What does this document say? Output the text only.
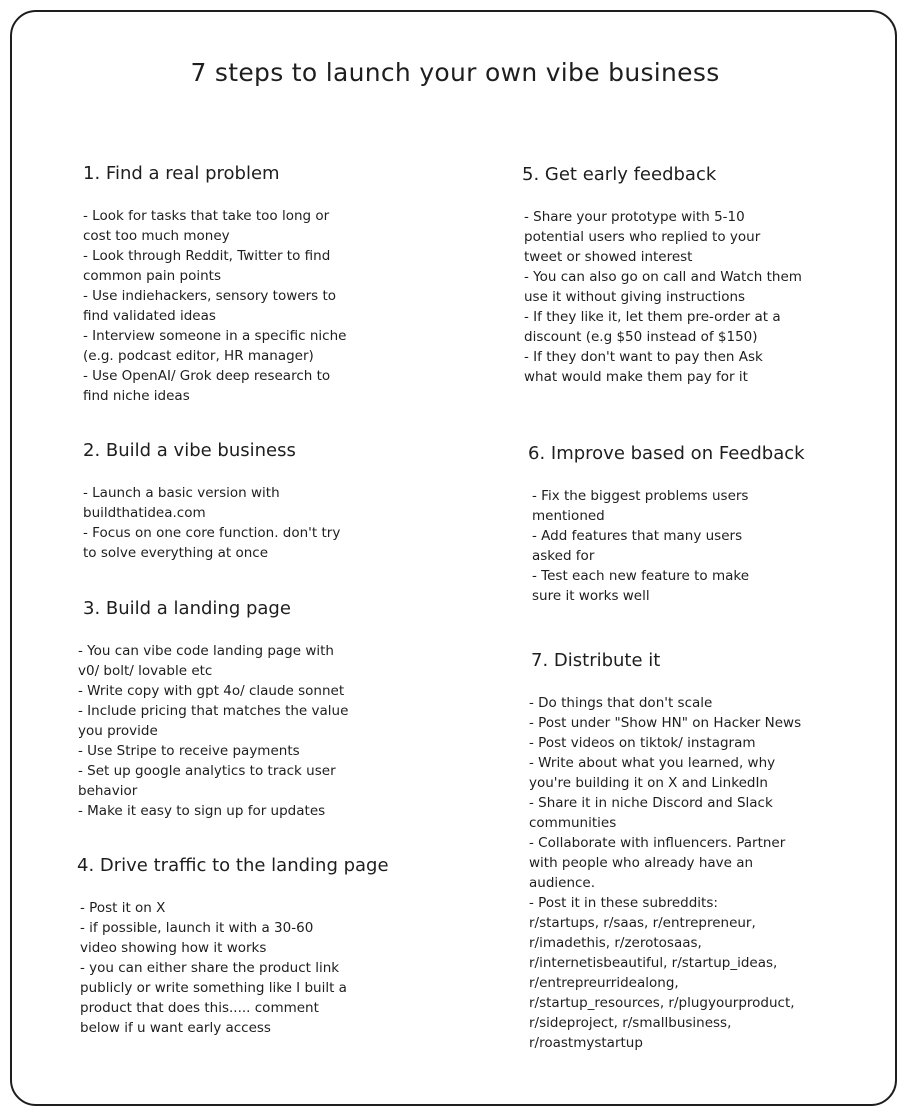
7 steps to launch your own vibe business
1. Find a real problem
- Look for tasks that take too long or
cost too much money
- Look through Reddit, Twitter to find
common pain points
- Use indiehackers, sensory towers to
find validated ideas
- Interview someone in a specific niche
(e.g. podcast editor, HR manager)
- Use OpenAI/ Grok deep research to
find niche ideas
2. Build a vibe business
- Launch a basic version with
buildthatidea.com
- Focus on one core function. don't try
to solve everything at once
3. Build a landing page
- You can vibe code landing page with
v0/ bolt/ lovable etc
- Write copy with gpt 4o/ claude sonnet
- Include pricing that matches the value
you provide
- Use Stripe to receive payments
- Set up google analytics to track user
behavior
- Make it easy to sign up for updates
4. Drive traffic to the landing page
- Post it on X
- if possible, launch it with a 30-60
video showing how it works
- you can either share the product link
publicly or write something like I built a
product that does this..... comment
below if u want early access
5. Get early feedback
- Share your prototype with 5-10
potential users who replied to your
tweet or showed interest
- You can also go on call and Watch them
use it without giving instructions
- If they like it, let them pre-order at a
discount (e.g $50 instead of $150)
- If they don't want to pay then Ask
what would make them pay for it
6. Improve based on Feedback
- Fix the biggest problems users
mentioned
- Add features that many users
asked for
- Test each new feature to make
sure it works well
7. Distribute it
- Do things that don't scale
- Post under "Show HN" on Hacker News
- Post videos on tiktok/ instagram
- Write about what you learned, why
you're building it on X and LinkedIn
- Share it in niche Discord and Slack
communities
- Collaborate with influencers. Partner
with people who already have an
audience.
- Post it in these subreddits:
r/startups, r/saas, r/entrepreneur,
r/imadethis, r/zerotosaas,
r/internetisbeautiful, r/startup_ideas,
r/entrepreurridealong,
r/startup_resources, r/plugyourproduct,
r/sideproject, r/smallbusiness,
r/roastmystartup
